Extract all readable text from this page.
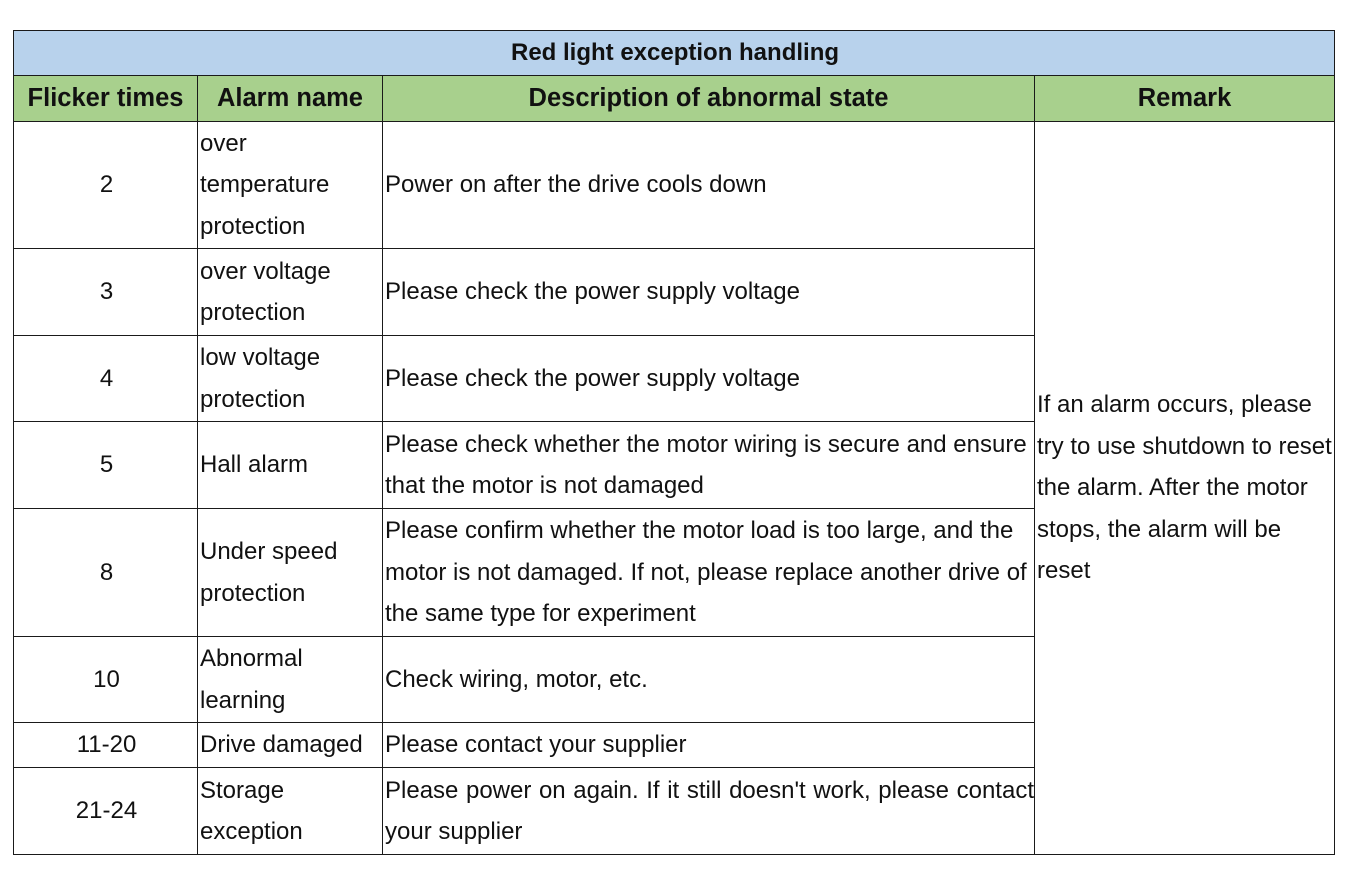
Red light exception handling			
Flicker times	Alarm name	Description of abnormal state	Remark
2	over temperature protection	Power on after the drive cools down	If an alarm occurs, please try to use shutdown to reset the alarm. After the motor stops, the alarm will be reset
3	over voltage protection	Please check the power supply voltage	
4	low voltage protection	Please check the power supply voltage	
5	Hall alarm	Please check whether the motor wiring is secure and ensure that the motor is not damaged	
8	Under speed protection	Please confirm whether the motor load is too large, and the motor is not damaged. If not, please replace another drive of the same type for experiment	
10	Abnormal learning	Check wiring, motor, etc.	
11-20	Drive damaged	Please contact your supplier	
21-24	Storage exception	Please power on again. If it still doesn't work, please contact your supplier	
